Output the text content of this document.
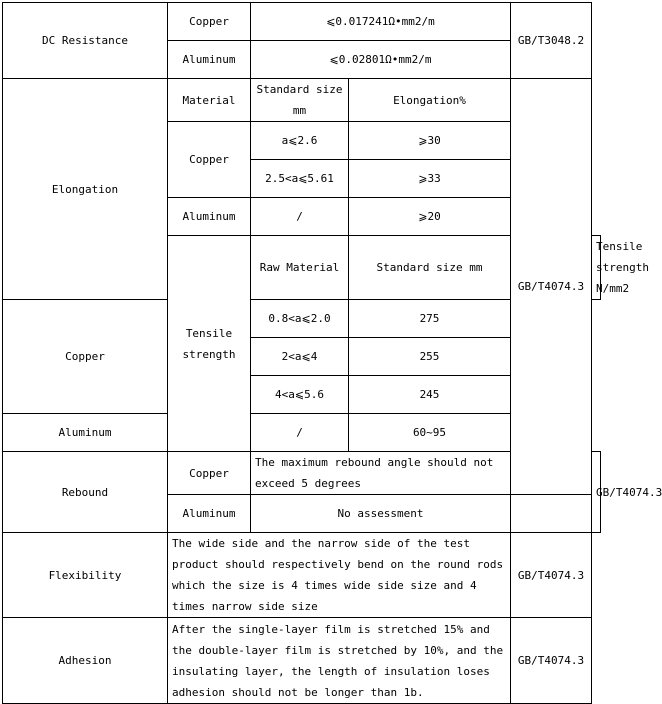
DC Resistance	Copper	⩽0.017241Ω•mm2/m		GB/T3048.2	
	Aluminum	⩽0.02801Ω•mm2/m			
Elongation	Material	Standard size mm	Elongation%	GB/T4074.3	
	Copper	a⩽2.6	⩾30		
		2.5<a⩽5.61	⩾33		
	Aluminum	/	⩾20		
	Tensile strength	Raw Material	Standard size mm		Tensile strength N/mm2
Copper		0.8<a⩽2.0	275		
		2<a⩽4	255		
		4<a⩽5.6	245		
Aluminum		/	60~95		
Rebound	Copper	The maximum rebound angle should not exceed 5 degrees			GB/T4074.3
	Aluminum	No assessment			
Flexibility	The wide side and the narrow side of the test product should respectively bend on the round rods which the size is 4 times wide side size and 4 times narrow side size			GB/T4074.3	
Adhesion	After the single-layer film is stretched 15% and the double-layer film is stretched by 10%, and the insulating layer, the length of insulation loses adhesion should not be longer than 1b.			GB/T4074.3	
